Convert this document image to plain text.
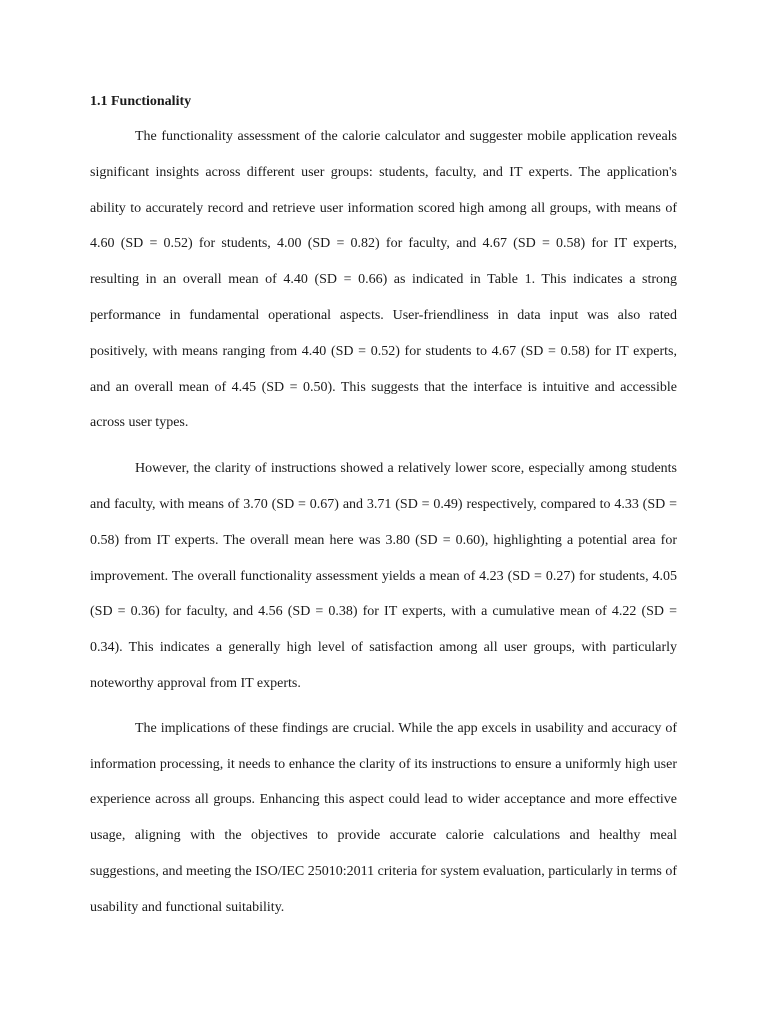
1.1 Functionality

The functionality assessment of the calorie calculator and suggester mobile application reveals significant insights across different user groups: students, faculty, and IT experts. The application's ability to accurately record and retrieve user information scored high among all groups, with means of 4.60 (SD = 0.52) for students, 4.00 (SD = 0.82) for faculty, and 4.67 (SD = 0.58) for IT experts, resulting in an overall mean of 4.40 (SD = 0.66) as indicated in Table 1. This indicates a strong performance in fundamental operational aspects. User-friendliness in data input was also rated positively, with means ranging from 4.40 (SD = 0.52) for students to 4.67 (SD = 0.58) for IT experts, and an overall mean of 4.45 (SD = 0.50). This suggests that the interface is intuitive and accessible across user types.

However, the clarity of instructions showed a relatively lower score, especially among students and faculty, with means of 3.70 (SD = 0.67) and 3.71 (SD = 0.49) respectively, compared to 4.33 (SD = 0.58) from IT experts. The overall mean here was 3.80 (SD = 0.60), highlighting a potential area for improvement. The overall functionality assessment yields a mean of 4.23 (SD = 0.27) for students, 4.05 (SD = 0.36) for faculty, and 4.56 (SD = 0.38) for IT experts, with a cumulative mean of 4.22 (SD = 0.34). This indicates a generally high level of satisfaction among all user groups, with particularly noteworthy approval from IT experts.

The implications of these findings are crucial. While the app excels in usability and accuracy of information processing, it needs to enhance the clarity of its instructions to ensure a uniformly high user experience across all groups. Enhancing this aspect could lead to wider acceptance and more effective usage, aligning with the objectives to provide accurate calorie calculations and healthy meal suggestions, and meeting the ISO/IEC 25010:2011 criteria for system evaluation, particularly in terms of usability and functional suitability.
